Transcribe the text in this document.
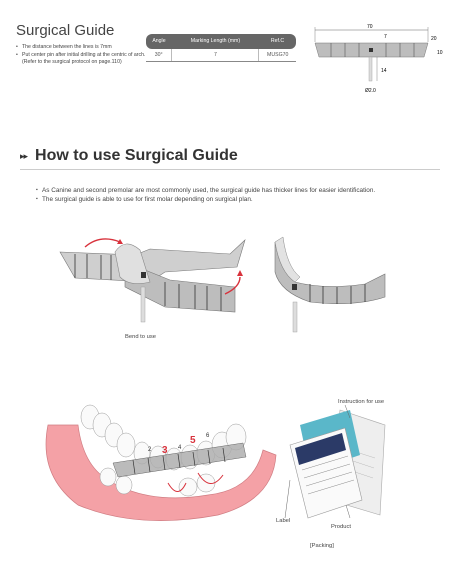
Surgical Guide
• The distance between the lines is 7mm
• Put center pin after initial drilling at the centric of arch. (Refer to the surgical protocol on page.110)
Angle	Marking Length (mm)	Ref.C
30°	7	MUSG70
70
7	20
10
14
Ø2.0
▸▸ How to use Surgical Guide
▪ As Canine and second premolar are most commonly used, the surgical guide has thicker lines for easier identification.
▪ The surgical guide is able to use for first molar depending on surgical plan.
Bend to use
2 3 4
5 6
Instruction for use
Label
Product
[Packing]
